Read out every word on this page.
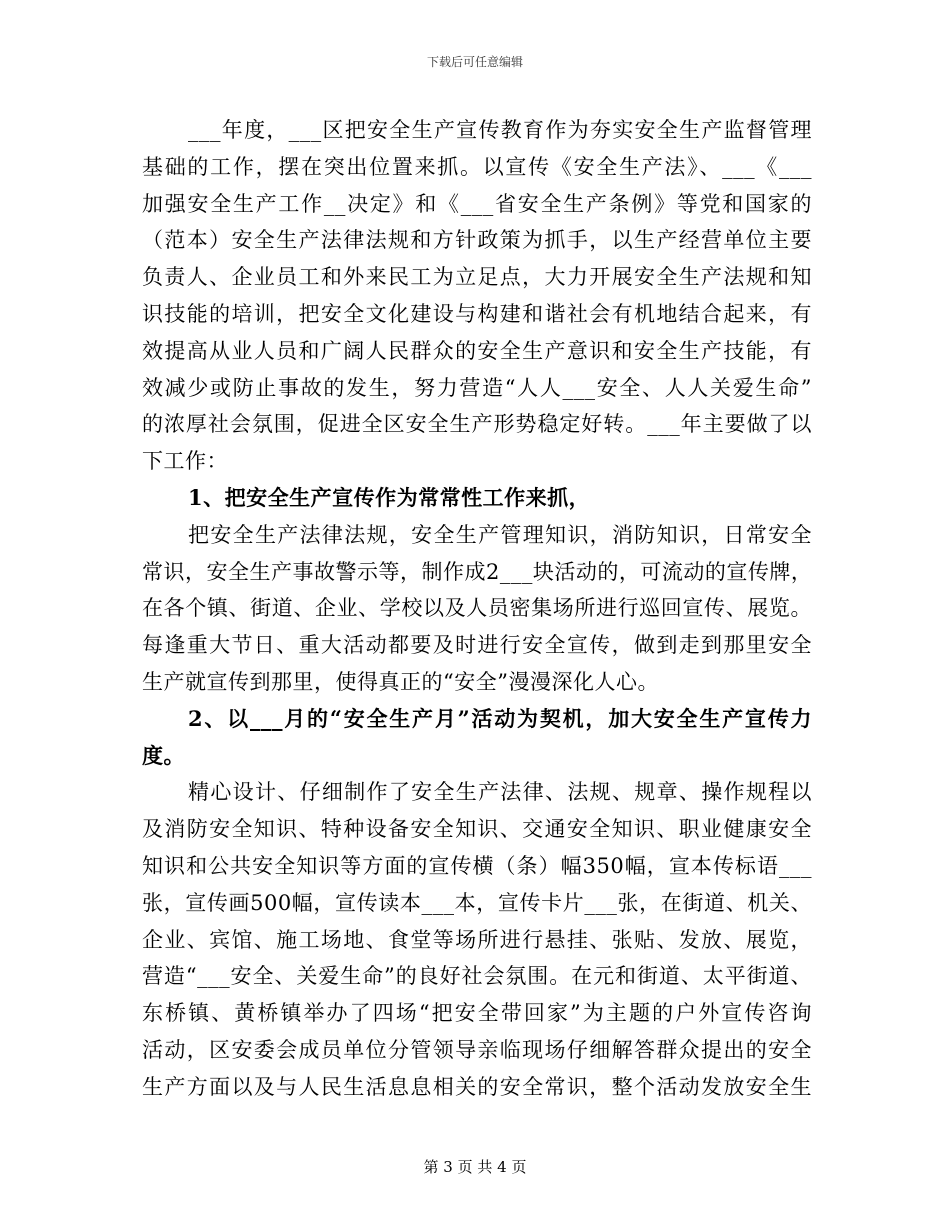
下载后可任意编辑
___年度，___区把安全生产宣传教育作为夯实安全生产监督管理
基础的工作，摆在突出位置来抓。以宣传《安全生产法》、___《___
加强安全生产工作__决定》和《___省安全生产条例》等党和国家的
（范本）安全生产法律法规和方针政策为抓手，以生产经营单位主要
负责人、企业员工和外来民工为立足点，大力开展安全生产法规和知
识技能的培训，把安全文化建设与构建和谐社会有机地结合起来，有
效提高从业人员和广阔人民群众的安全生产意识和安全生产技能，有
效减少或防止事故的发生，努力营造“人人___安全、人人关爱生命”
的浓厚社会氛围，促进全区安全生产形势稳定好转。___年主要做了以
下工作：
1、把安全生产宣传作为常常性工作来抓，
把安全生产法律法规，安全生产管理知识，消防知识，日常安全
常识，安全生产事故警示等，制作成2___块活动的，可流动的宣传牌，
在各个镇、街道、企业、学校以及人员密集场所进行巡回宣传、展览。
每逢重大节日、重大活动都要及时进行安全宣传，做到走到那里安全
生产就宣传到那里，使得真正的“安全”漫漫深化人心。
2、以___月的“安全生产月”活动为契机，加大安全生产宣传力
度。
精心设计、仔细制作了安全生产法律、法规、规章、操作规程以
及消防安全知识、特种设备安全知识、交通安全知识、职业健康安全
知识和公共安全知识等方面的宣传横（条）幅350幅，宣本传标语___
张，宣传画500幅，宣传读本___本，宣传卡片___张，在街道、机关、
企业、宾馆、施工场地、食堂等场所进行悬挂、张贴、发放、展览，
营造“___安全、关爱生命”的良好社会氛围。在元和街道、太平街道、
东桥镇、黄桥镇举办了四场“把安全带回家”为主题的户外宣传咨询
活动，区安委会成员单位分管领导亲临现场仔细解答群众提出的安全
生产方面以及与人民生活息息相关的安全常识，整个活动发放安全生
第 3 页 共 4 页
